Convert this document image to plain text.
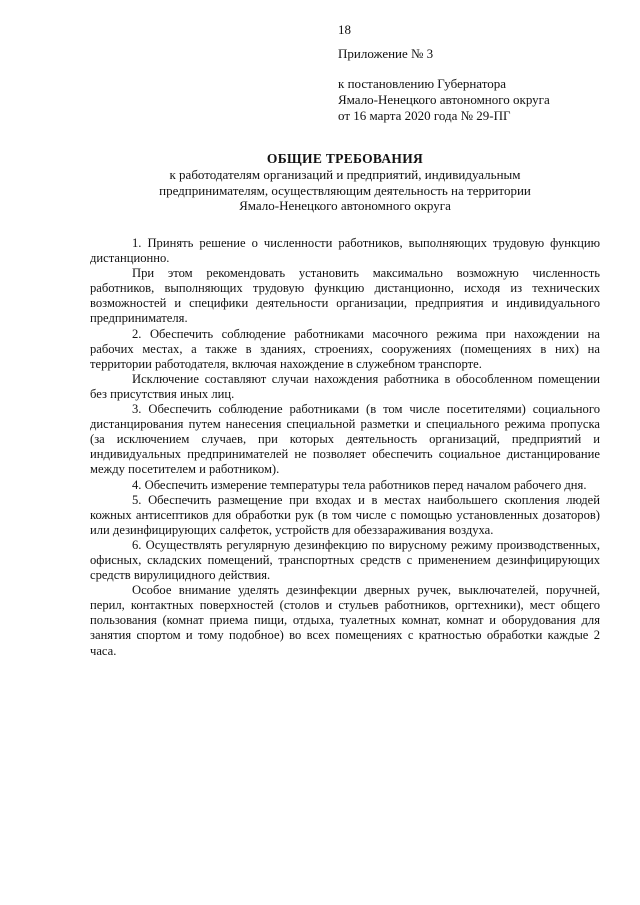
18
Приложение № 3
к постановлению Губернатора
Ямало-Ненецкого автономного округа
от 16 марта 2020 года № 29-ПГ
ОБЩИЕ ТРЕБОВАНИЯ
к работодателям организаций и предприятий, индивидуальным
предпринимателям, осуществляющим деятельность на территории
Ямало-Ненецкого автономного округа

1. Принять решение о численности работников, выполняющих трудовую функцию дистанционно.

При этом рекомендовать установить максимально возможную численность работников, выполняющих трудовую функцию дистанционно, исходя из технических возможностей и специфики деятельности организации, предприятия и индивидуального предпринимателя.

2. Обеспечить соблюдение работниками масочного режима при нахождении на рабочих местах, а также в зданиях, строениях, сооружениях (помещениях в них) на территории работодателя, включая нахождение в служебном транспорте.

Исключение составляют случаи нахождения работника в обособленном помещении без присутствия иных лиц.

3. Обеспечить соблюдение работниками (в том числе посетителями) социального дистанцирования путем нанесения специальной разметки и специального режима пропуска (за исключением случаев, при которых деятельность организаций, предприятий и индивидуальных предпринимателей не позволяет обеспечить социальное дистанцирование между посетителем и работником).

4. Обеспечить измерение температуры тела работников перед началом рабочего дня.

5. Обеспечить размещение при входах и в местах наибольшего скопления людей кожных антисептиков для обработки рук (в том числе с помощью установленных дозаторов) или дезинфицирующих салфеток, устройств для обеззараживания воздуха.

6. Осуществлять регулярную дезинфекцию по вирусному режиму производственных, офисных, складских помещений, транспортных средств с применением дезинфицирующих средств вирулицидного действия.

Особое внимание уделять дезинфекции дверных ручек, выключателей, поручней, перил, контактных поверхностей (столов и стульев работников, оргтехники), мест общего пользования (комнат приема пищи, отдыха, туалетных комнат, комнат и оборудования для занятия спортом и тому подобное) во всех помещениях с кратностью обработки каждые 2 часа.
